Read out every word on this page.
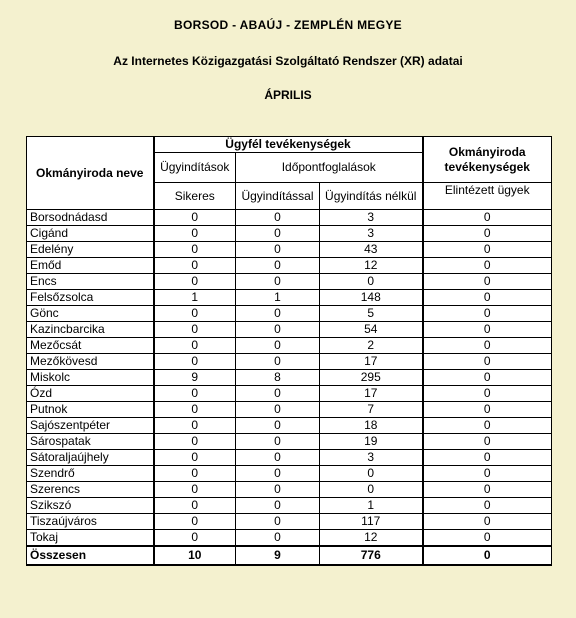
BORSOD - ABAÚJ - ZEMPLÉN MEGYE
Az Internetes Közigazgatási Szolgáltató Rendszer (XR) adatai
ÁPRILIS
Okmányiroda neve	Ügyfél tevékenységek			Okmányiroda tevékenységek
	Ügyindítások	Időpontfoglalások		
	Sikeres	Ügyindítással	Ügyindítás nélkül	Elintézett ügyek
Borsodnádasd	0	0	3	0
Cigánd	0	0	3	0
Edelény	0	0	43	0
Emőd	0	0	12	0
Encs	0	0	0	0
Felsőzsolca	1	1	148	0
Gönc	0	0	5	0
Kazincbarcika	0	0	54	0
Mezőcsát	0	0	2	0
Mezőkövesd	0	0	17	0
Miskolc	9	8	295	0
Ózd	0	0	17	0
Putnok	0	0	7	0
Sajószentpéter	0	0	18	0
Sárospatak	0	0	19	0
Sátoraljaújhely	0	0	3	0
Szendrő	0	0	0	0
Szerencs	0	0	0	0
Szikszó	0	0	1	0
Tiszaújváros	0	0	117	0
Tokaj	0	0	12	0
Összesen	10	9	776	0
